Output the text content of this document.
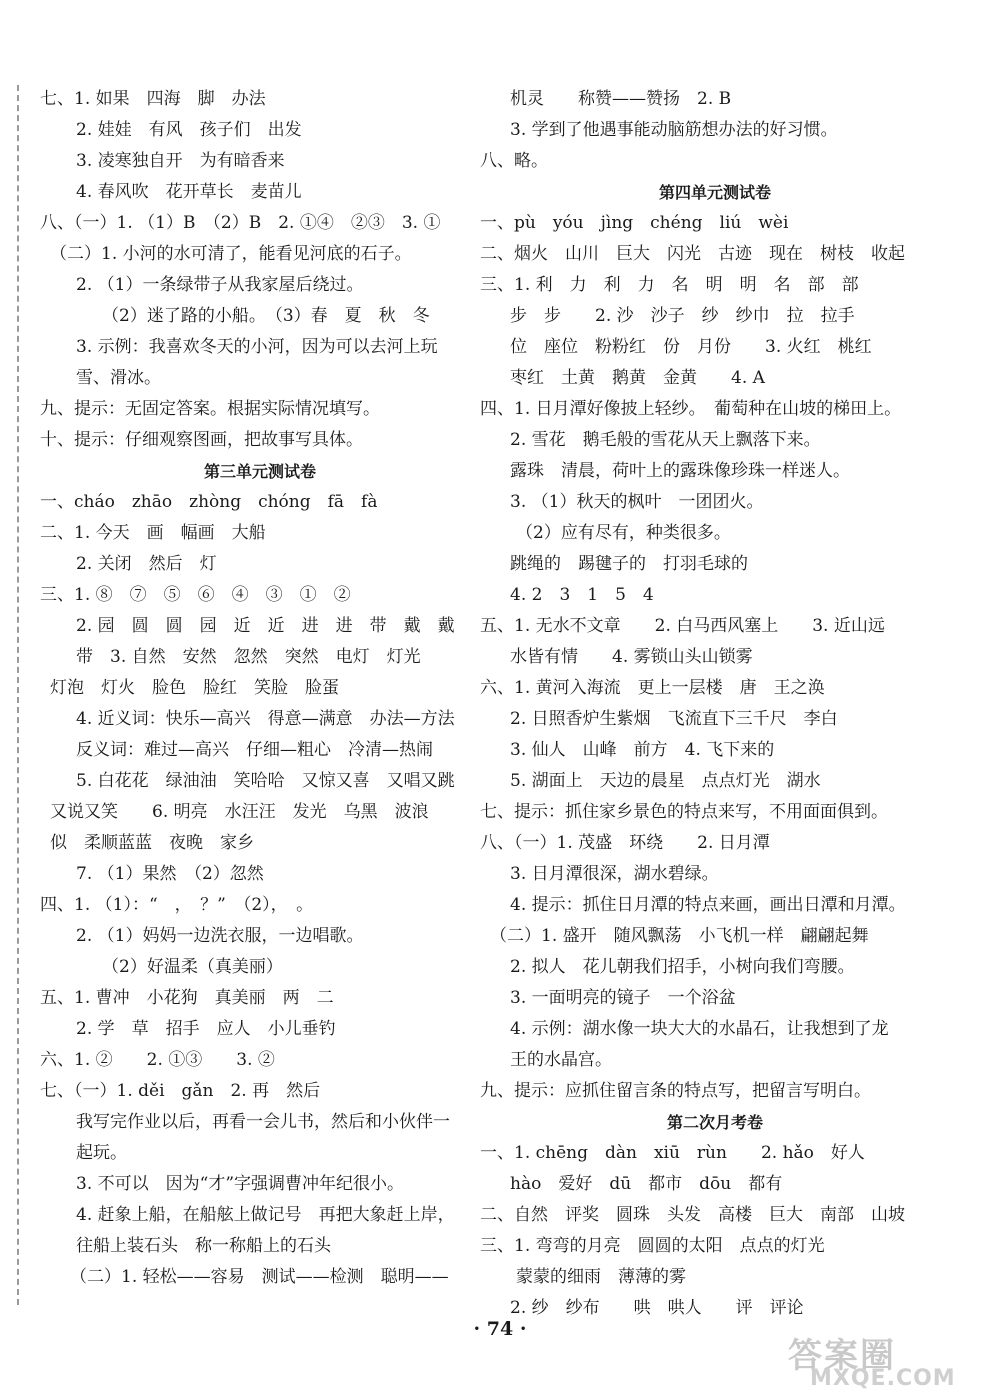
七、1. 如果　四海　脚　办法
2. 娃娃　有风　孩子们　出发
3. 凌寒独自开　为有暗香来
4. 春风吹　花开草长　麦苗儿
八、（一）1. （1）B　（2）B　2. ①④　②③　3. ①
（二）1. 小河的水可清了，能看见河底的石子。
2. （1）一条绿带子从我家屋后绕过。
（2）迷了路的小船。　（3）春　夏　秋　冬
3. 示例：我喜欢冬天的小河，因为可以去河上玩
雪、滑冰。
九、提示：无固定答案。根据实际情况填写。
十、提示：仔细观察图画，把故事写具体。
第三单元测试卷
一、cháo　zhāo　zhòng　chóng　fā　fà
二、1. 今天　画　幅画　大船
2. 关闭　然后　灯
三、1. ⑧　⑦　⑤　⑥　④　③　①　②
2. 园　圆　圆　园　近　近　进　进　带　戴　戴
带　3. 自然　安然　忽然　突然　电灯　灯光
灯泡　灯火　脸色　脸红　笑脸　脸蛋
4. 近义词：快乐—高兴　得意—满意　办法—方法
反义词：难过—高兴　仔细—粗心　冷清—热闹
5. 白花花　绿油油　笑哈哈　又惊又喜　又唱又跳
又说又笑　　6. 明亮　水汪汪　发光　乌黑　波浪
似　柔顺蓝蓝　夜晚　家乡
7. （1）果然　（2）忽然
四、1. （1）：“　，　？”　（2），　。
2. （1）妈妈一边洗衣服，一边唱歌。
（2）好温柔（真美丽）
五、1. 曹冲　小花狗　真美丽　两　二
2. 学　草　招手　应人　小儿垂钓
六、1. ②　　2. ①③　　3. ②
七、（一）1. děi　gǎn　2. 再　然后
我写完作业以后，再看一会儿书，然后和小伙伴一
起玩。
3. 不可以　因为“才”字强调曹冲年纪很小。
4. 赶象上船，在船舷上做记号　再把大象赶上岸，
往船上装石头　称一称船上的石头
（二）1. 轻松——容易　测试——检测　聪明——
机灵　　称赞——赞扬　2. B
3. 学到了他遇事能动脑筋想办法的好习惯。
八、略。
第四单元测试卷
一、pù　yóu　jìng　chéng　liú　wèi
二、烟火　山川　巨大　闪光　古迹　现在　树枝　收起
三、1. 利　力　利　力　名　明　明　名　部　部
步　步　　2. 沙　沙子　纱　纱巾　拉　拉手
位　座位　粉粉红　份　月份　　3. 火红　桃红
枣红　土黄　鹅黄　金黄　　4. A
四、1. 日月潭好像披上轻纱。　葡萄种在山坡的梯田上。
2. 雪花　鹅毛般的雪花从天上飘落下来。
露珠　清晨，荷叶上的露珠像珍珠一样迷人。
3. （1）秋天的枫叶　一团团火。
（2）应有尽有，种类很多。
跳绳的　踢毽子的　打羽毛球的
4. 2　3　1　5　4
五、1. 无水不文章　　2. 白马西风塞上　　3. 近山远
水皆有情　　4. 雾锁山头山锁雾
六、1. 黄河入海流　更上一层楼　唐　王之涣
2. 日照香炉生紫烟　飞流直下三千尺　李白
3. 仙人　山峰　前方　4. 飞下来的
5. 湖面上　天边的晨星　点点灯光　湖水
七、提示：抓住家乡景色的特点来写，不用面面俱到。
八、（一）1. 茂盛　环绕　　2. 日月潭
3. 日月潭很深，湖水碧绿。
4. 提示：抓住日月潭的特点来画，画出日潭和月潭。
（二）1. 盛开　随风飘荡　小飞机一样　翩翩起舞
2. 拟人　花儿朝我们招手，小树向我们弯腰。
3. 一面明亮的镜子　一个浴盆
4. 示例：湖水像一块大大的水晶石，让我想到了龙
王的水晶宫。
九、提示：应抓住留言条的特点写，把留言写明白。
第二次月考卷
一、1. chēng　dàn　xiū　rùn　　2. hǎo　好人
hào　爱好　dū　都市　dōu　都有
二、自然　评奖　圆珠　头发　高楼　巨大　南部　山坡
三、1. 弯弯的月亮　圆圆的太阳　点点的灯光
蒙蒙的细雨　薄薄的雾
2. 纱　纱布　　哄　哄人　　评　评论
· 74 ·
答案圈
MXQE.COM
